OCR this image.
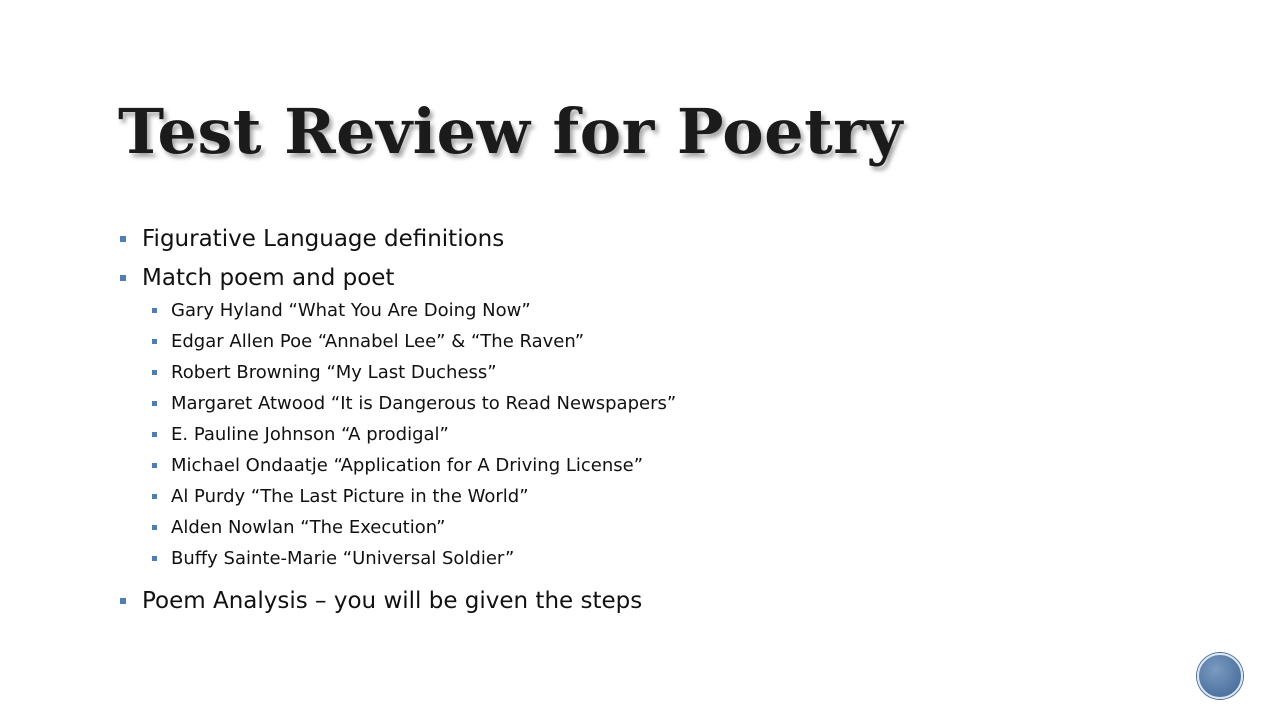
Test Review for Poetry
Figurative Language definitions
Match poem and poet
Gary Hyland “What You Are Doing Now”
Edgar Allen Poe “Annabel Lee” & “The Raven”
Robert Browning “My Last Duchess”
Margaret Atwood “It is Dangerous to Read Newspapers”
E. Pauline Johnson “A prodigal”
Michael Ondaatje “Application for A Driving License”
Al Purdy “The Last Picture in the World”
Alden Nowlan “The Execution”
Buffy Sainte-Marie “Universal Soldier”
Poem Analysis – you will be given the steps
